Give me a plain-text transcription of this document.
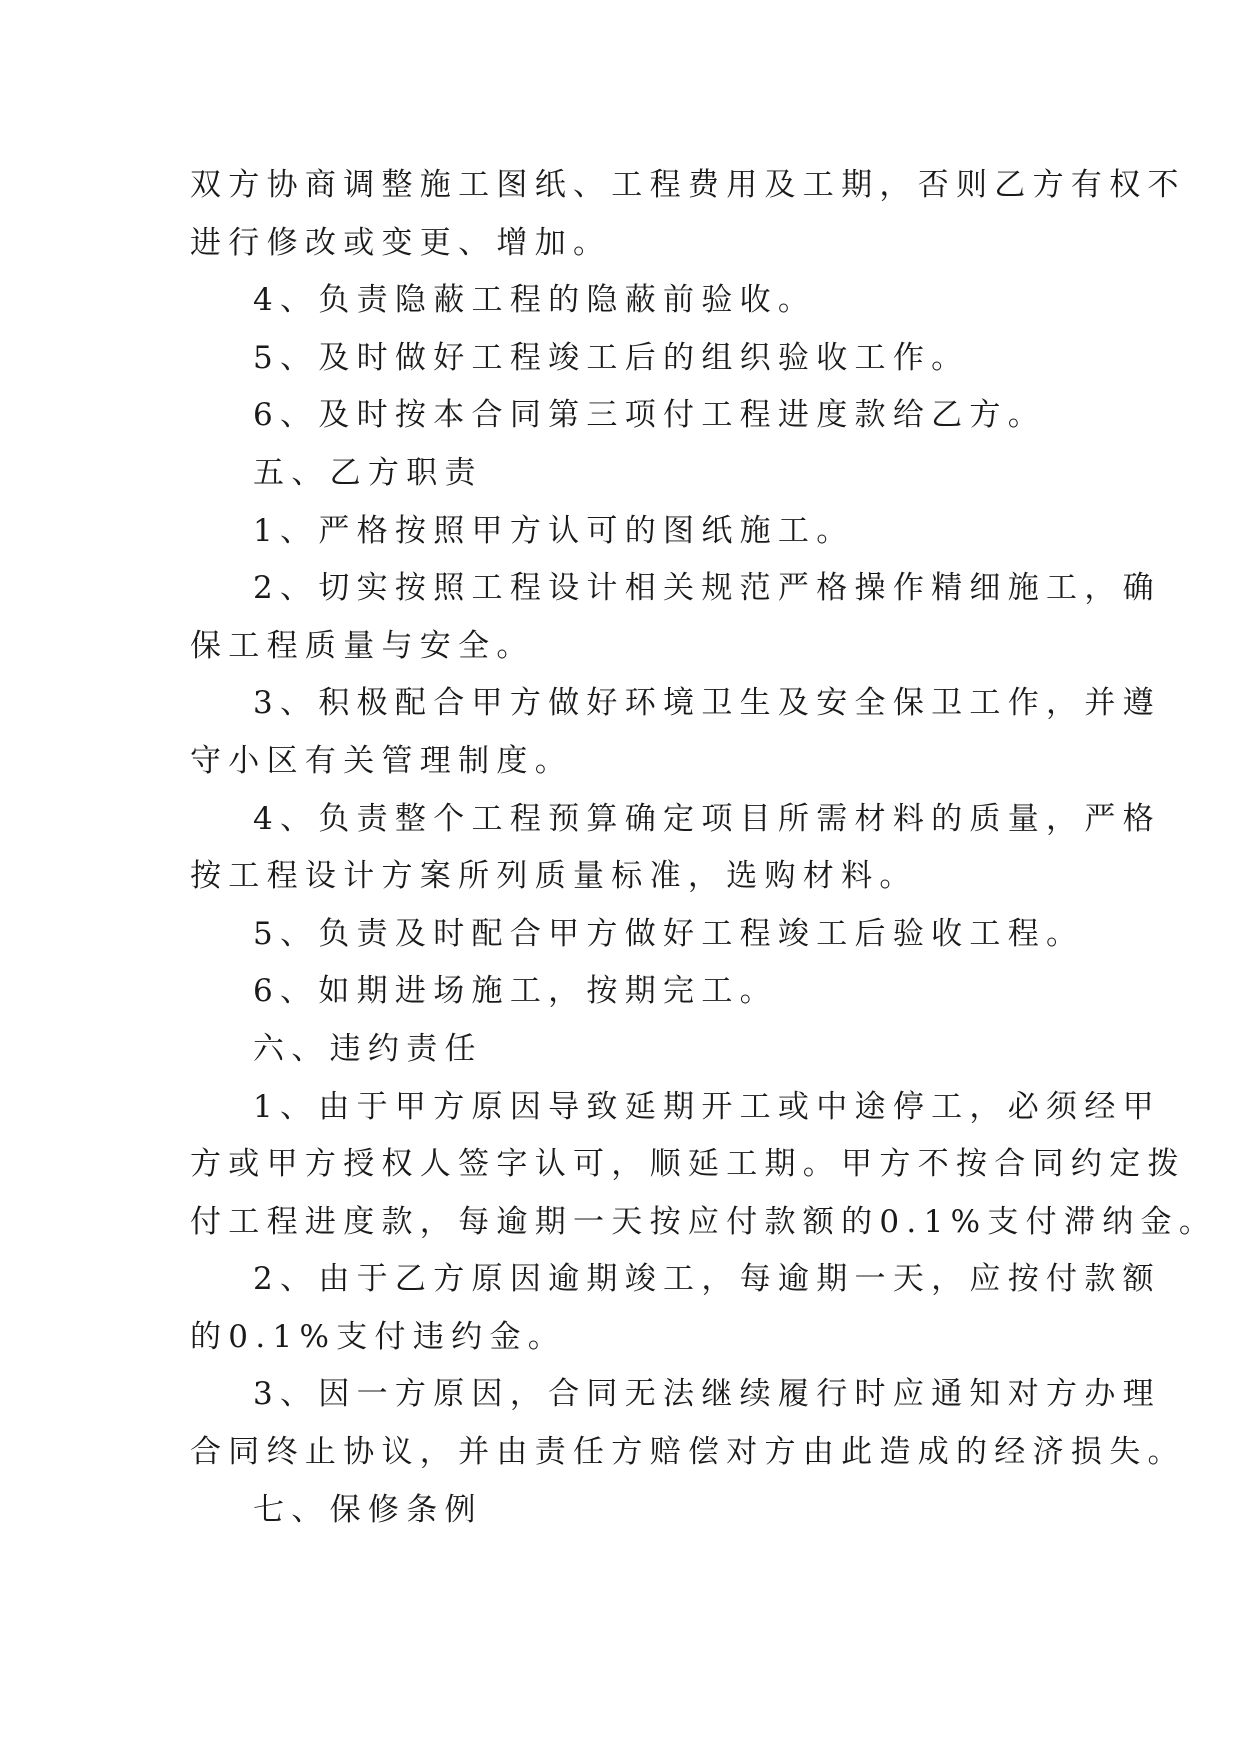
双方协商调整施工图纸、工程费用及工期，否则乙方有权不
进行修改或变更、增加。
4、负责隐蔽工程的隐蔽前验收。
5、及时做好工程竣工后的组织验收工作。
6、及时按本合同第三项付工程进度款给乙方。
五、乙方职责
1、严格按照甲方认可的图纸施工。
2、切实按照工程设计相关规范严格操作精细施工，确
保工程质量与安全。
3、积极配合甲方做好环境卫生及安全保卫工作，并遵
守小区有关管理制度。
4、负责整个工程预算确定项目所需材料的质量，严格
按工程设计方案所列质量标准，选购材料。
5、负责及时配合甲方做好工程竣工后验收工程。
6、如期进场施工，按期完工。
六、违约责任
1、由于甲方原因导致延期开工或中途停工，必须经甲
方或甲方授权人签字认可，顺延工期。甲方不按合同约定拨
付工程进度款，每逾期一天按应付款额的0.1%支付滞纳金。
2、由于乙方原因逾期竣工，每逾期一天，应按付款额
的0.1%支付违约金。
3、因一方原因，合同无法继续履行时应通知对方办理
合同终止协议，并由责任方赔偿对方由此造成的经济损失。
七、保修条例
